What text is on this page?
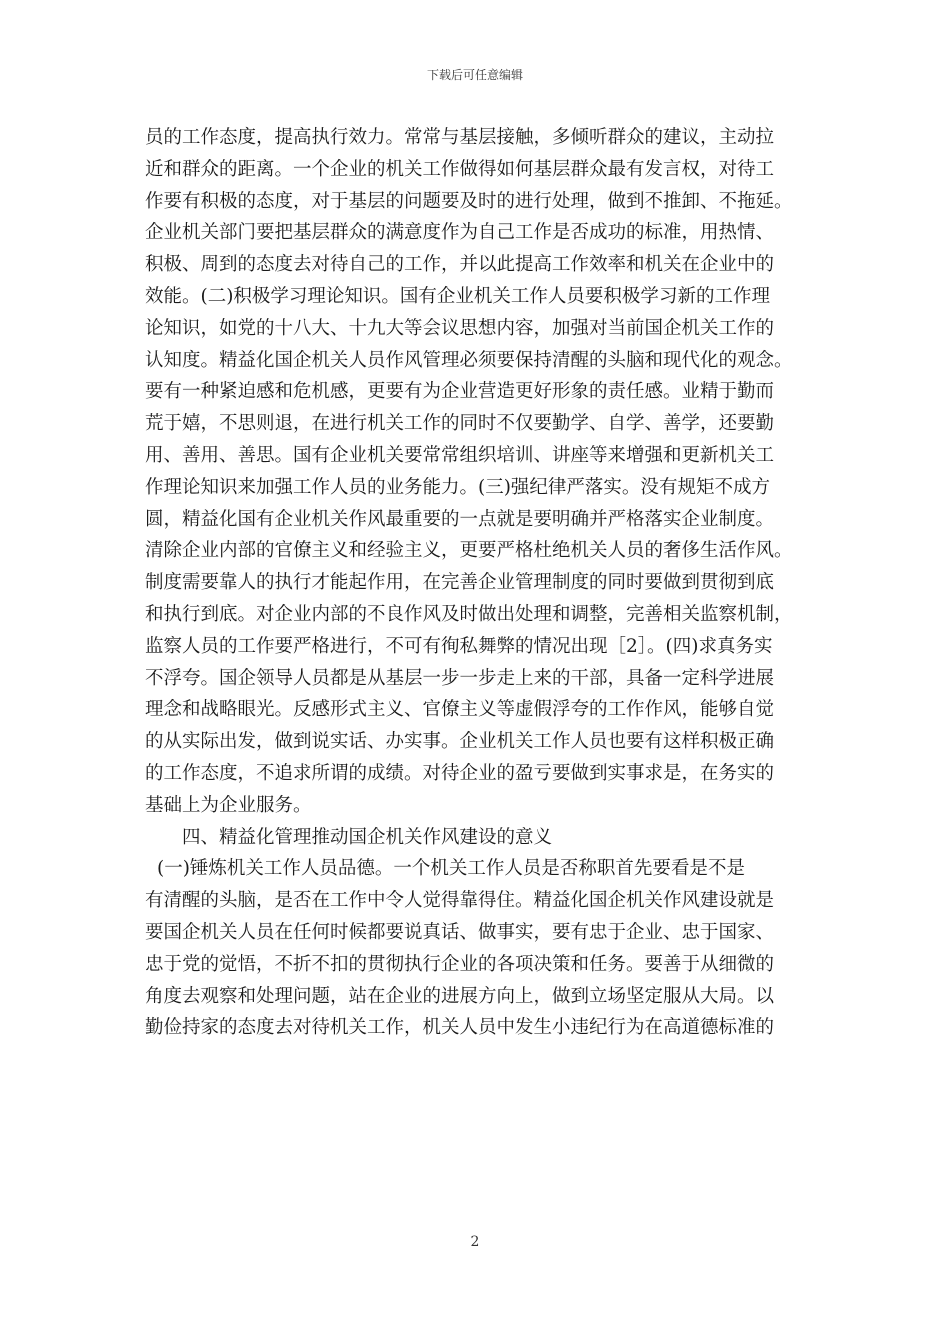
下载后可任意编辑
员的工作态度，提高执行效力。常常与基层接触，多倾听群众的建议，主动拉
近和群众的距离。一个企业的机关工作做得如何基层群众最有发言权，对待工
作要有积极的态度，对于基层的问题要及时的进行处理，做到不推卸、不拖延。
企业机关部门要把基层群众的满意度作为自己工作是否成功的标准，用热情、
积极、周到的态度去对待自己的工作，并以此提高工作效率和机关在企业中的
效能。(二)积极学习理论知识。国有企业机关工作人员要积极学习新的工作理
论知识，如党的十八大、十九大等会议思想内容，加强对当前国企机关工作的
认知度。精益化国企机关人员作风管理必须要保持清醒的头脑和现代化的观念。
要有一种紧迫感和危机感，更要有为企业营造更好形象的责任感。业精于勤而
荒于嬉，不思则退，在进行机关工作的同时不仅要勤学、自学、善学，还要勤
用、善用、善思。国有企业机关要常常组织培训、讲座等来增强和更新机关工
作理论知识来加强工作人员的业务能力。(三)强纪律严落实。没有规矩不成方
圆，精益化国有企业机关作风最重要的一点就是要明确并严格落实企业制度。
清除企业内部的官僚主义和经验主义，更要严格杜绝机关人员的奢侈生活作风。
制度需要靠人的执行才能起作用，在完善企业管理制度的同时要做到贯彻到底
和执行到底。对企业内部的不良作风及时做出处理和调整，完善相关监察机制，
监察人员的工作要严格进行，不可有徇私舞弊的情况出现［2］。(四)求真务实
不浮夸。国企领导人员都是从基层一步一步走上来的干部，具备一定科学进展
理念和战略眼光。反感形式主义、官僚主义等虚假浮夸的工作作风，能够自觉
的从实际出发，做到说实话、办实事。企业机关工作人员也要有这样积极正确
的工作态度，不追求所谓的成绩。对待企业的盈亏要做到实事求是，在务实的
基础上为企业服务。
四、精益化管理推动国企机关作风建设的意义
(一)锤炼机关工作人员品德。一个机关工作人员是否称职首先要看是不是
有清醒的头脑，是否在工作中令人觉得靠得住。精益化国企机关作风建设就是
要国企机关人员在任何时候都要说真话、做事实，要有忠于企业、忠于国家、
忠于党的觉悟，不折不扣的贯彻执行企业的各项决策和任务。要善于从细微的
角度去观察和处理问题，站在企业的进展方向上，做到立场坚定服从大局。以
勤俭持家的态度去对待机关工作，机关人员中发生小违纪行为在高道德标准的
2
